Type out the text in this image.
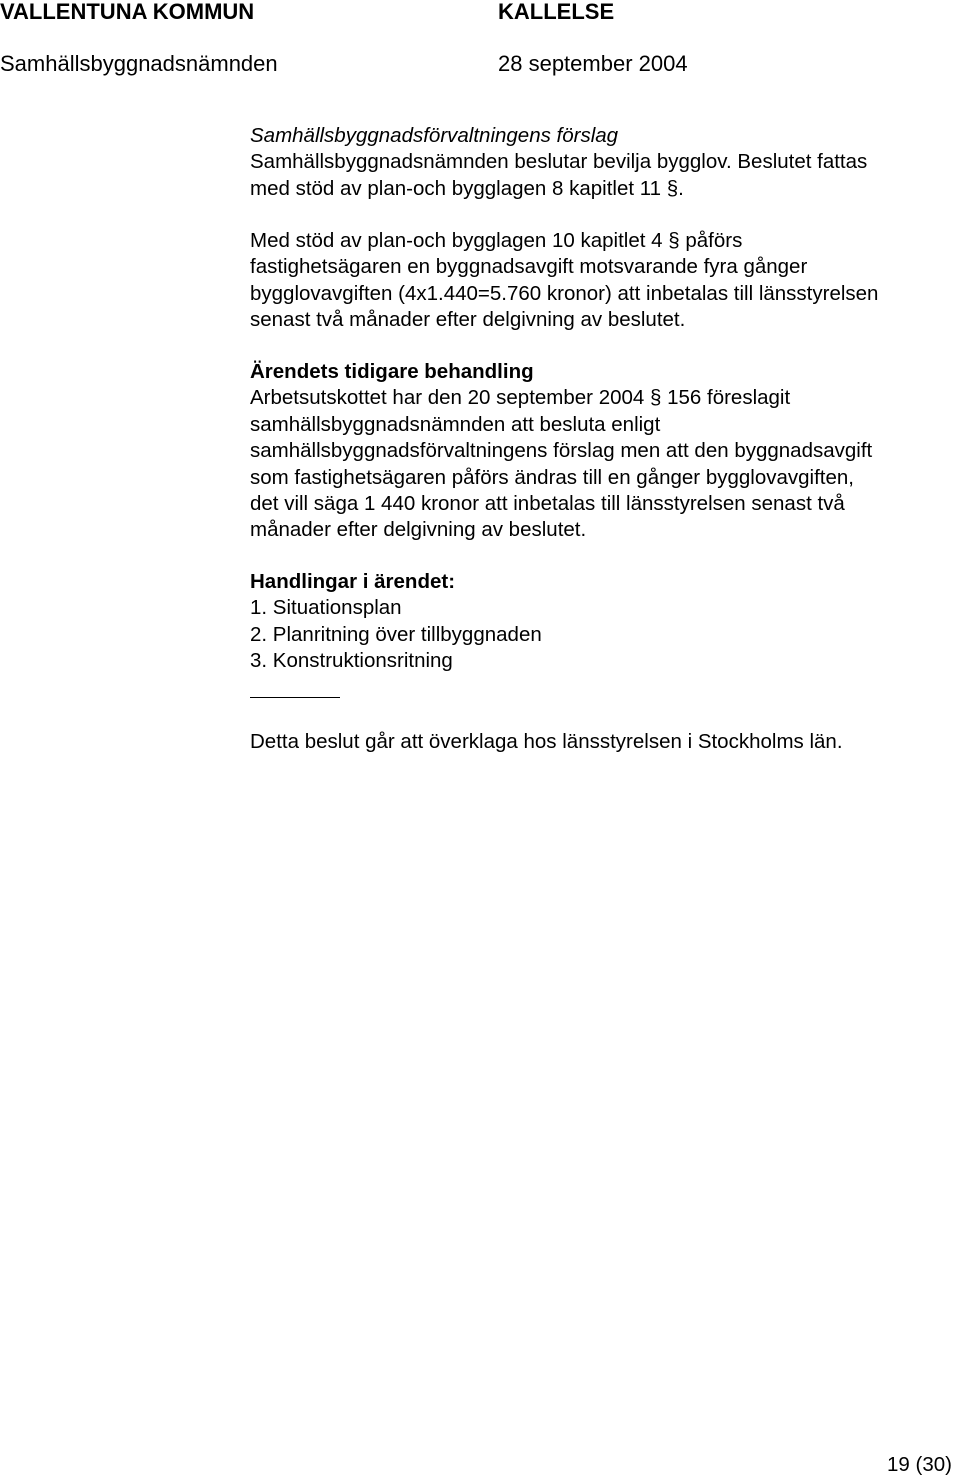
VALLENTUNA KOMMUN	KALLELSE
Samhällsbyggnadsnämnden	28 september 2004
Samhällsbyggnadsförvaltningens förslag
Samhällsbyggnadsnämnden beslutar bevilja bygglov. Beslutet fattas
med stöd av plan-och bygglagen 8 kapitlet 11 §.
Med stöd av plan-och bygglagen 10 kapitlet 4 § påförs
fastighetsägaren en byggnadsavgift motsvarande fyra gånger
bygglovavgiften (4x1.440=5.760 kronor) att inbetalas till länsstyrelsen
senast två månader efter delgivning av beslutet.
Ärendets tidigare behandling
Arbetsutskottet har den 20 september 2004 § 156 föreslagit
samhällsbyggnadsnämnden att besluta enligt
samhällsbyggnadsförvaltningens förslag men att den byggnadsavgift
som fastighetsägaren påförs ändras till en gånger bygglovavgiften,
det vill säga 1 440 kronor att inbetalas till länsstyrelsen senast två
månader efter delgivning av beslutet.
Handlingar i ärendet:
1. Situationsplan
2. Planritning över tillbyggnaden
3. Konstruktionsritning
Detta beslut går att överklaga hos länsstyrelsen i Stockholms län.
19 (30)
